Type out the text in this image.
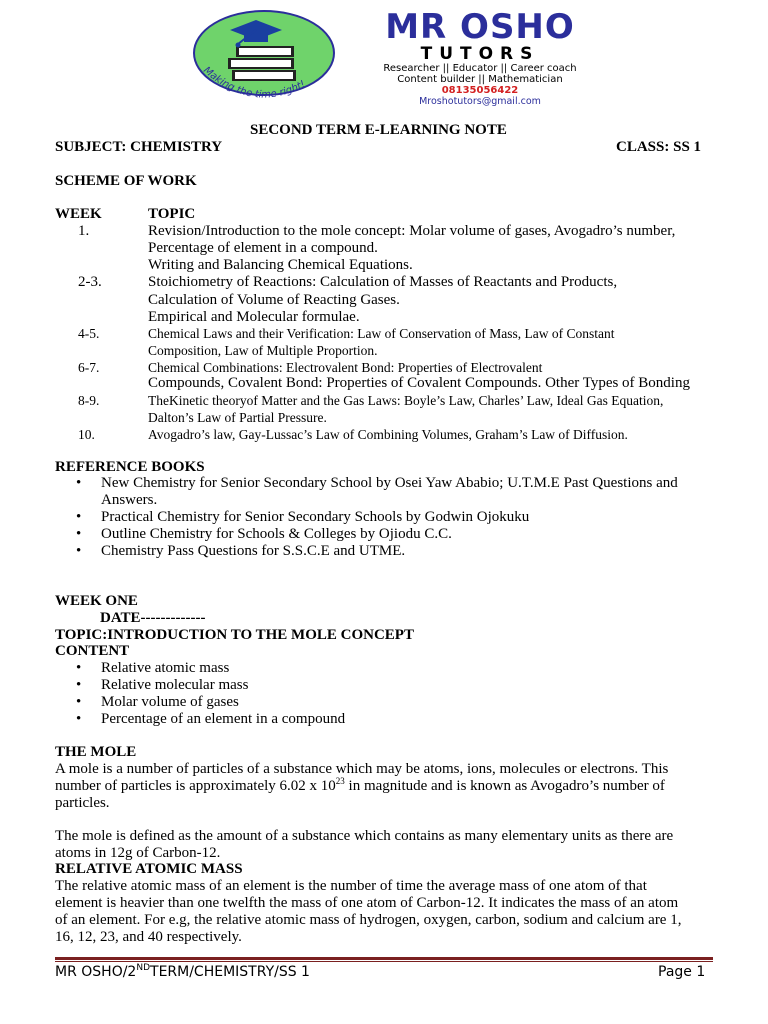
Making the time right!
MR OSHO
TUTORS
Researcher || Educator || Career coach
Content builder || Mathematician
08135056422
Mroshotutors@gmail.com
SECOND TERM E-LEARNING NOTE
SUBJECT: CHEMISTRY	CLASS: SS 1
SCHEME OF WORK
WEEK	TOPIC
1.	Revision/Introduction to the mole concept: Molar volume of gases, Avogadro’s number,
Percentage of element in a compound.
Writing and Balancing Chemical Equations.
2-3.	Stoichiometry of Reactions: Calculation of Masses of Reactants and Products,
Calculation of Volume of Reacting Gases.
Empirical and Molecular formulae.
4-5.	Chemical Laws and their Verification: Law of Conservation of Mass, Law of Constant
Composition, Law of Multiple Proportion.
6-7.	Chemical Combinations: Electrovalent Bond: Properties of Electrovalent
Compounds, Covalent Bond: Properties of Covalent Compounds. Other Types of Bonding
8-9.	TheKinetic theoryof Matter and the Gas Laws: Boyle’s Law, Charles’ Law, Ideal Gas Equation,
Dalton’s Law of Partial Pressure.
10.	Avogadro’s law, Gay-Lussac’s Law of Combining Volumes, Graham’s Law of Diffusion.
REFERENCE BOOKS
• New Chemistry for Senior Secondary School by Osei Yaw Ababio; U.T.M.E Past Questions and
Answers.
• Practical Chemistry for Senior Secondary Schools by Godwin Ojokuku
• Outline Chemistry for Schools & Colleges by Ojiodu C.C.
• Chemistry Pass Questions for S.S.C.E and UTME.
WEEK ONE
DATE-------------
TOPIC:INTRODUCTION TO THE MOLE CONCEPT
CONTENT
• Relative atomic mass
• Relative molecular mass
• Molar volume of gases
• Percentage of an element in a compound
THE MOLE
A mole is a number of particles of a substance which may be atoms, ions, molecules or electrons. This
number of particles is approximately 6.02 x $10^{23}$ in magnitude and is known as Avogadro’s number of
particles.
The mole is defined as the amount of a substance which contains as many elementary units as there are
atoms in 12g of Carbon-12.
RELATIVE ATOMIC MASS
The relative atomic mass of an element is the number of time the average mass of one atom of that
element is heavier than one twelfth the mass of one atom of Carbon-12. It indicates the mass of an atom
of an element. For e.g, the relative atomic mass of hydrogen, oxygen, carbon, sodium and calcium are 1,
16, 12, 23, and 40 respectively.
MR OSHO/2NDTERM/CHEMISTRY/SS 1	Page 1
